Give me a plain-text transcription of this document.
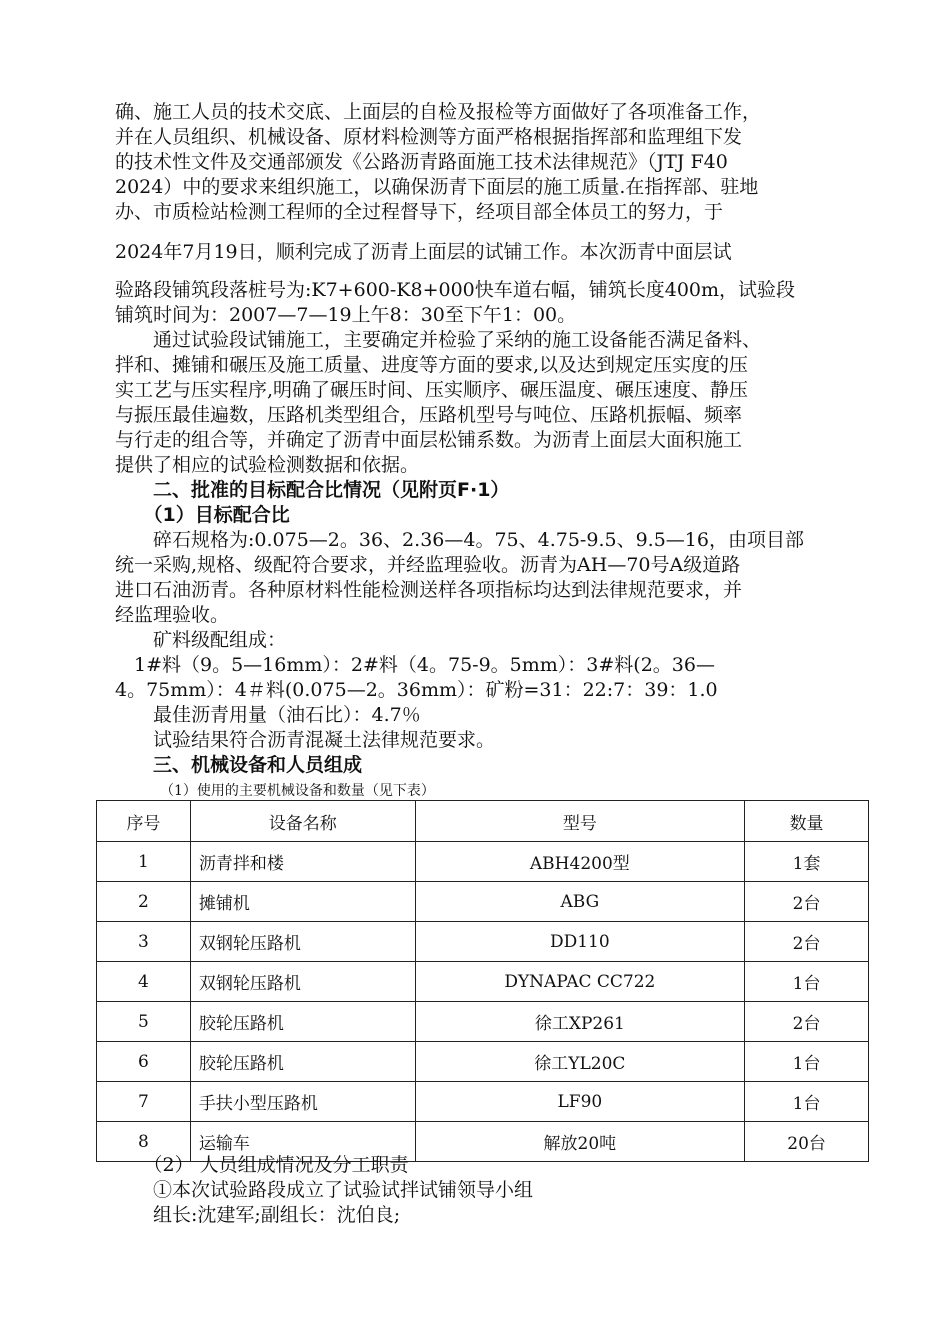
确、施工人员的技术交底、上面层的自检及报检等方面做好了各项准备工作，
并在人员组织、机械设备、原材料检测等方面严格根据指挥部和监理组下发
的技术性文件及交通部颁发《公路沥青路面施工技术法律规范》（JTJ F40
2024）中的要求来组织施工，以确保沥青下面层的施工质量.在指挥部、驻地
办、市质检站检测工程师的全过程督导下，经项目部全体员工的努力，于
2024年7月19日，顺利完成了沥青上面层的试铺工作。本次沥青中面层试
验路段铺筑段落桩号为:K7+600-K8+000快车道右幅，铺筑长度400m，试验段
铺筑时间为：2007—7—19上午8：30至下午1：00。
　　通过试验段试铺施工，主要确定并检验了采纳的施工设备能否满足备料、
拌和、摊铺和碾压及施工质量、进度等方面的要求,以及达到规定压实度的压
实工艺与压实程序,明确了碾压时间、压实顺序、碾压温度、碾压速度、静压
与振压最佳遍数，压路机类型组合，压路机型号与吨位、压路机振幅、频率
与行走的组合等，并确定了沥青中面层松铺系数。为沥青上面层大面积施工
提供了相应的试验检测数据和依据。
　　二、批准的目标配合比情况（见附页F·1）
　　（1）目标配合比
　　碎石规格为:0.075—2。36、2.36—4。75、4.75-9.5、9.5—16，由项目部
统一采购,规格、级配符合要求，并经监理验收。沥青为AH—70号A级道路
进口石油沥青。各种原材料性能检测送样各项指标均达到法律规范要求，并
经监理验收。
　　矿料级配组成：
　1#料（9。5—16mm）：2#料（4。75-9。5mm）：3#料(2。36—
4。75mm）：4＃料(0.075—2。36mm）：矿粉=31：22:7：39：1.0
　　最佳沥青用量（油石比）：4.7％
　　试验结果符合沥青混凝土法律规范要求。
　　三、机械设备和人员组成
（1）使用的主要机械设备和数量（见下表）
序号	设备名称	型号	数量
1	沥青拌和楼	ABH4200型	1套
2	摊铺机	ABG	2台
3	双钢轮压路机	DD110	2台
4	双钢轮压路机	DYNAPAC CC722	1台
5	胶轮压路机	徐工XP261	2台
6	胶轮压路机	徐工YL20C	1台
7	手扶小型压路机	LF90	1台
8	运输车	解放20吨	20台
　　（2） 人员组成情况及分工职责
　　①本次试验路段成立了试验试拌试铺领导小组
　　组长:沈建军;副组长：沈伯良;
